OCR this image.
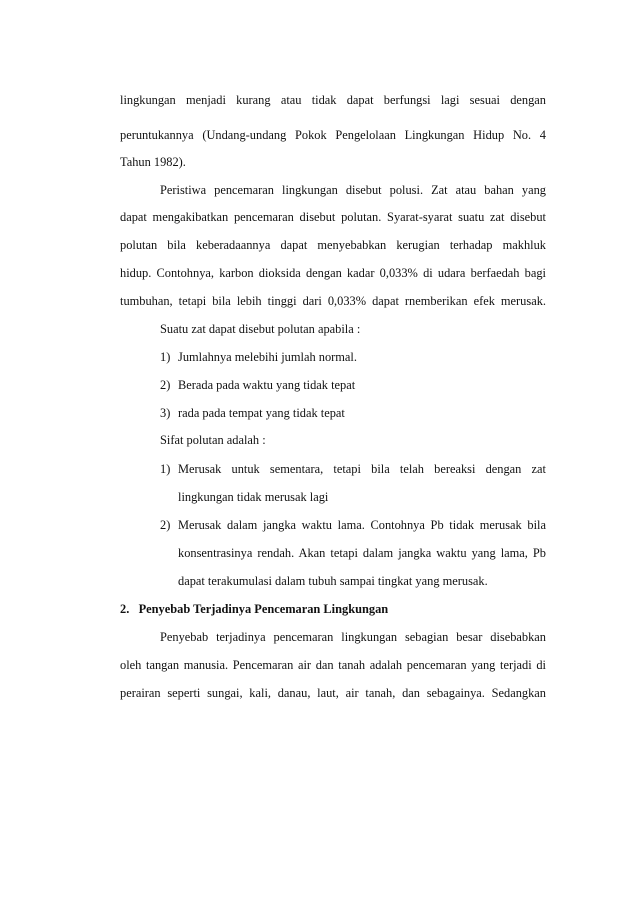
lingkungan menjadi kurang atau tidak dapat berfungsi lagi sesuai dengan
peruntukannya (Undang-undang Pokok Pengelolaan Lingkungan Hidup No. 4
Tahun 1982).
Peristiwa pencemaran lingkungan disebut polusi. Zat atau bahan yang
dapat mengakibatkan pencemaran disebut polutan. Syarat-syarat suatu zat disebut
polutan bila keberadaannya dapat menyebabkan kerugian terhadap makhluk
hidup. Contohnya, karbon dioksida dengan kadar 0,033% di udara berfaedah bagi
tumbuhan, tetapi bila lebih tinggi dari 0,033% dapat rnemberikan efek merusak.
Suatu zat dapat disebut polutan apabila :
1) Jumlahnya melebihi jumlah normal.
2) Berada pada waktu yang tidak tepat
3) rada pada tempat yang tidak tepat
Sifat polutan adalah :
1) Merusak untuk sementara, tetapi bila telah bereaksi dengan zat
lingkungan tidak merusak lagi
2) Merusak dalam jangka waktu lama. Contohnya Pb tidak merusak bila
konsentrasinya rendah. Akan tetapi dalam jangka waktu yang lama, Pb
dapat terakumulasi dalam tubuh sampai tingkat yang merusak.
2.   Penyebab Terjadinya Pencemaran Lingkungan
Penyebab terjadinya pencemaran lingkungan sebagian besar disebabkan
oleh tangan manusia. Pencemaran air dan tanah adalah pencemaran yang terjadi di
perairan seperti sungai, kali, danau, laut, air tanah, dan sebagainya. Sedangkan
